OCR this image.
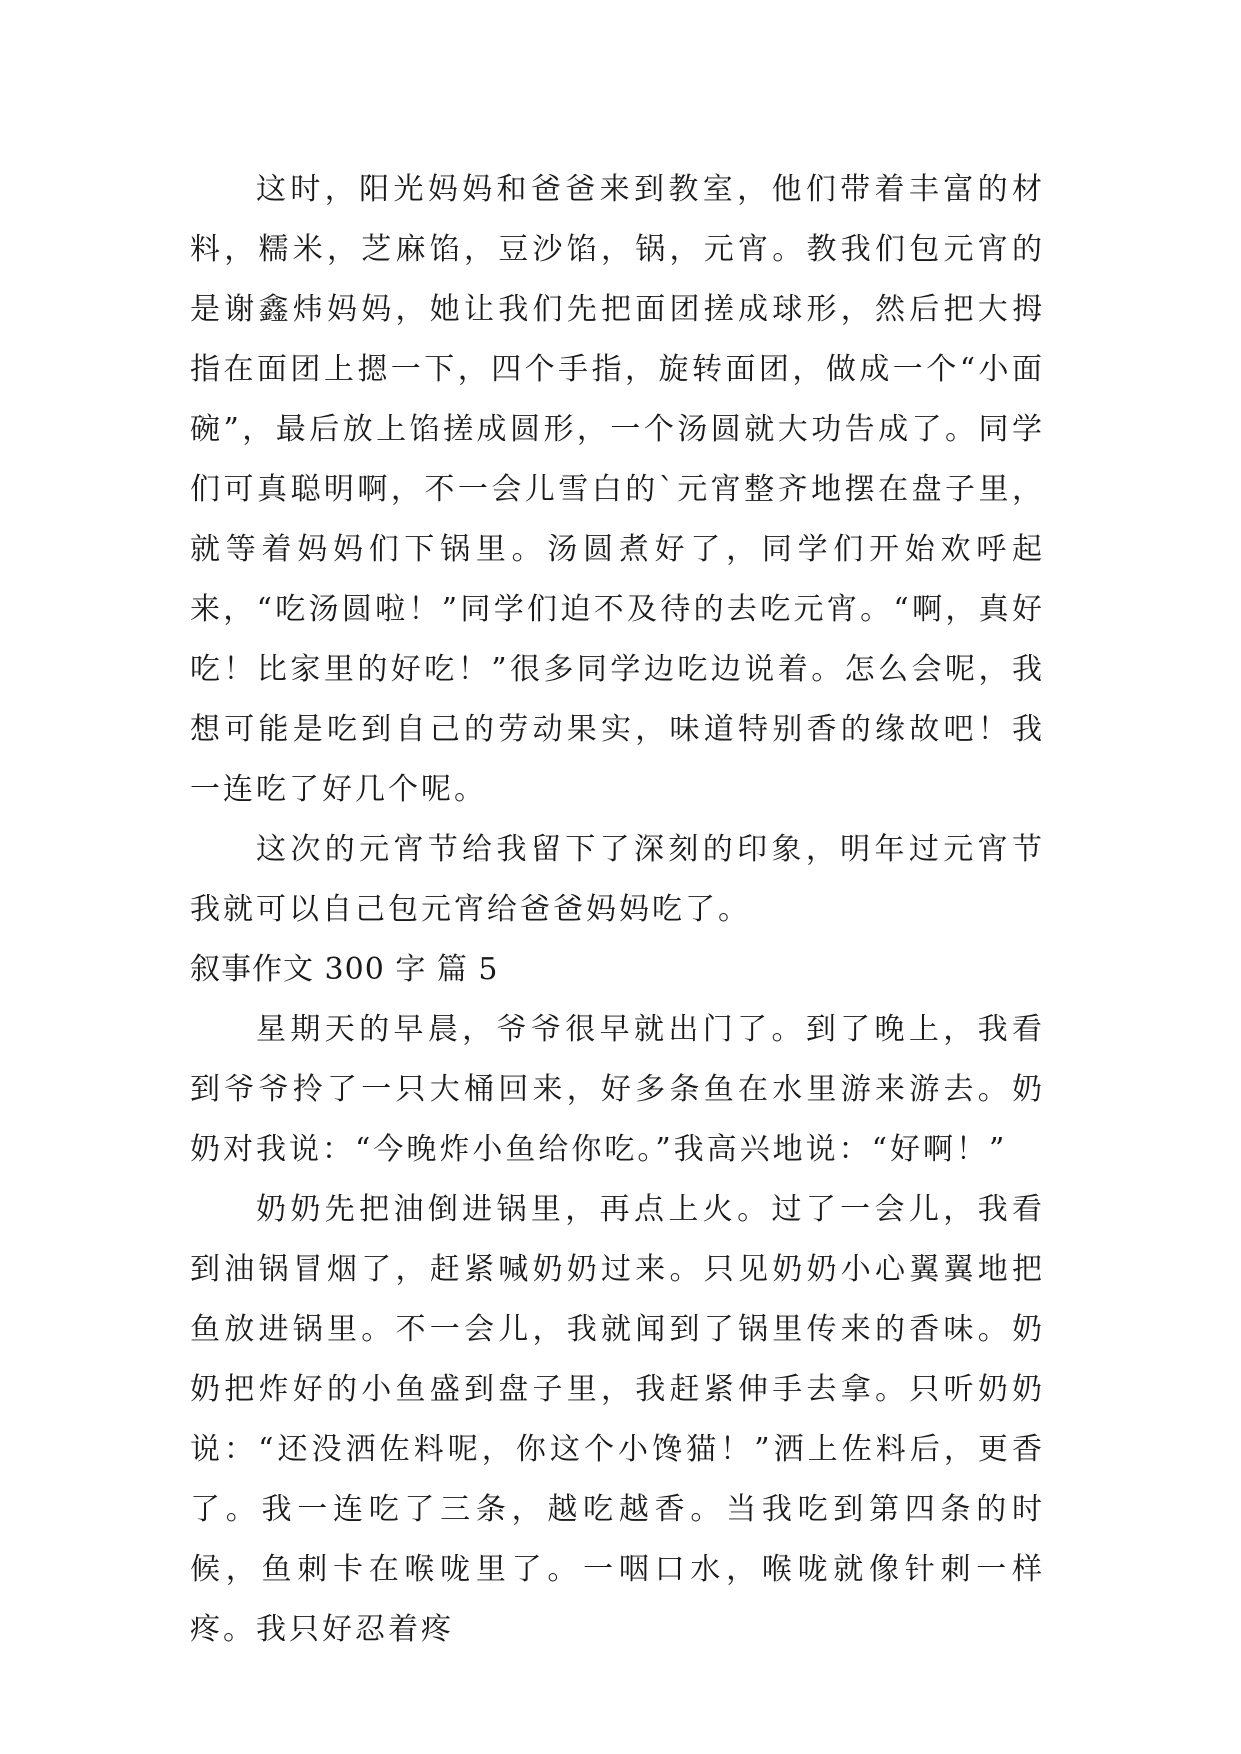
这时，阳光妈妈和爸爸来到教室，他们带着丰富的材料，糯米，芝麻馅，豆沙馅，锅，元宵。教我们包元宵的是谢鑫炜妈妈，她让我们先把面团搓成球形，然后把大拇指在面团上摁一下，四个手指，旋转面团，做成一个“小面碗”，最后放上馅搓成圆形，一个汤圆就大功告成了。同学们可真聪明啊，不一会儿雪白的`元宵整齐地摆在盘子里，就等着妈妈们下锅里。汤圆煮好了，同学们开始欢呼起来，“吃汤圆啦！”同学们迫不及待的去吃元宵。“啊，真好吃！比家里的好吃！”很多同学边吃边说着。怎么会呢，我想可能是吃到自己的劳动果实，味道特别香的缘故吧！我一连吃了好几个呢。

这次的元宵节给我留下了深刻的印象，明年过元宵节我就可以自己包元宵给爸爸妈妈吃了。

叙事作文 300 字 篇 5

星期天的早晨，爷爷很早就出门了。到了晚上，我看到爷爷拎了一只大桶回来，好多条鱼在水里游来游去。奶奶对我说：“今晚炸小鱼给你吃。”我高兴地说：“好啊！”

奶奶先把油倒进锅里，再点上火。过了一会儿，我看到油锅冒烟了，赶紧喊奶奶过来。只见奶奶小心翼翼地把鱼放进锅里。不一会儿，我就闻到了锅里传来的香味。奶奶把炸好的小鱼盛到盘子里，我赶紧伸手去拿。只听奶奶说：“还没洒佐料呢，你这个小馋猫！”洒上佐料后，更香了。我一连吃了三条，越吃越香。当我吃到第四条的时候，鱼刺卡在喉咙里了。一咽口水，喉咙就像针刺一样疼。我只好忍着疼
